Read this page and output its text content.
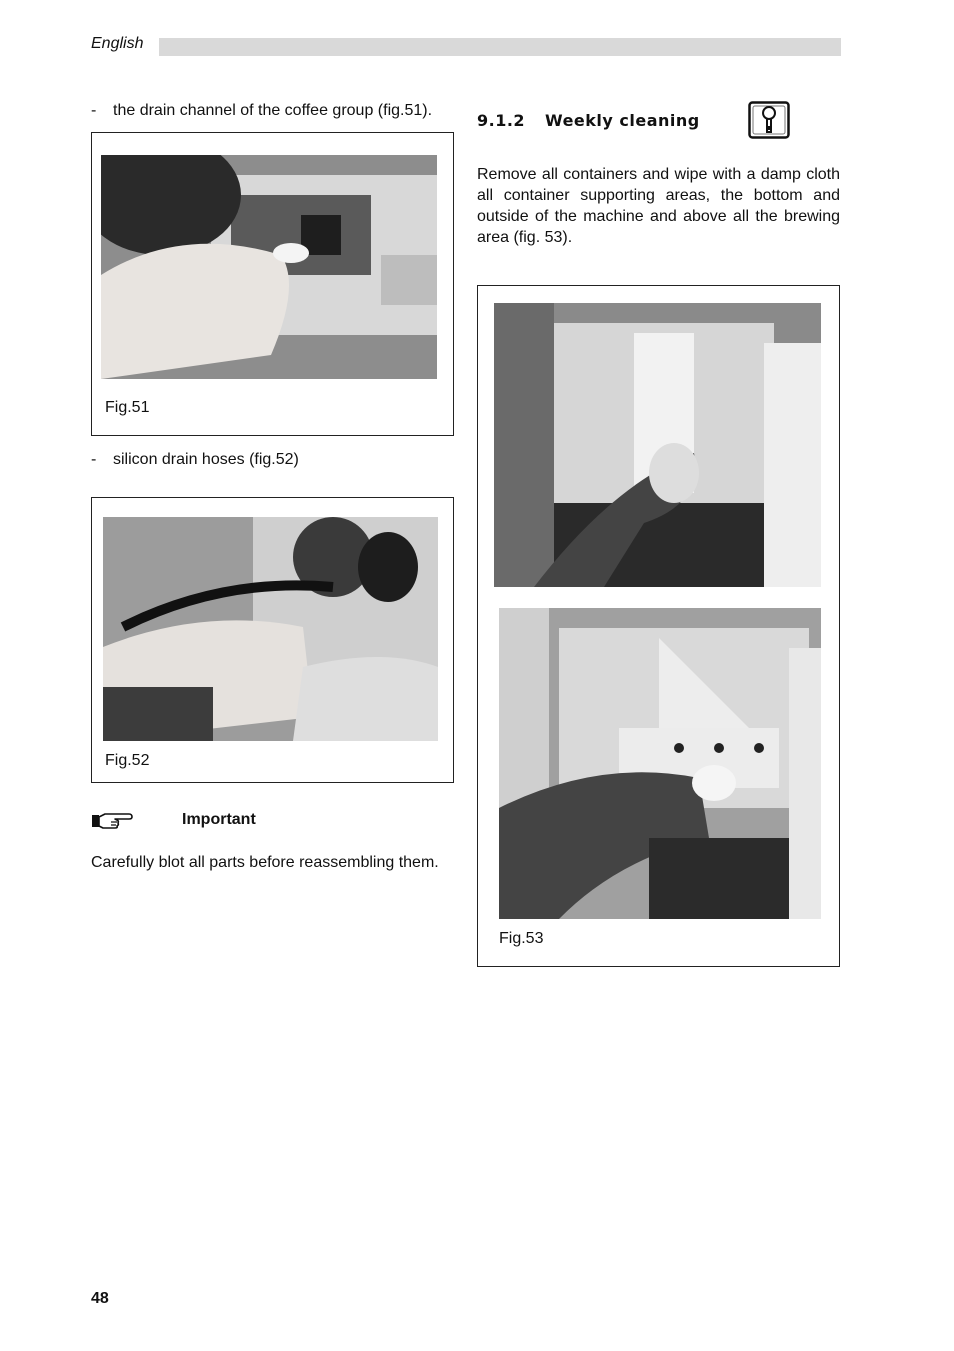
English
- the drain channel of the coffee group (fig.51).
Fig.51
- silicon drain hoses (fig.52)
Fig.52
Important
Carefully blot all parts before reassembling them.
9.1.2 Weekly cleaning
Remove all containers and wipe with a damp cloth all container supporting areas, the bottom and outside of the machine and above all the brewing area (fig. 53).
Fig.53
48
